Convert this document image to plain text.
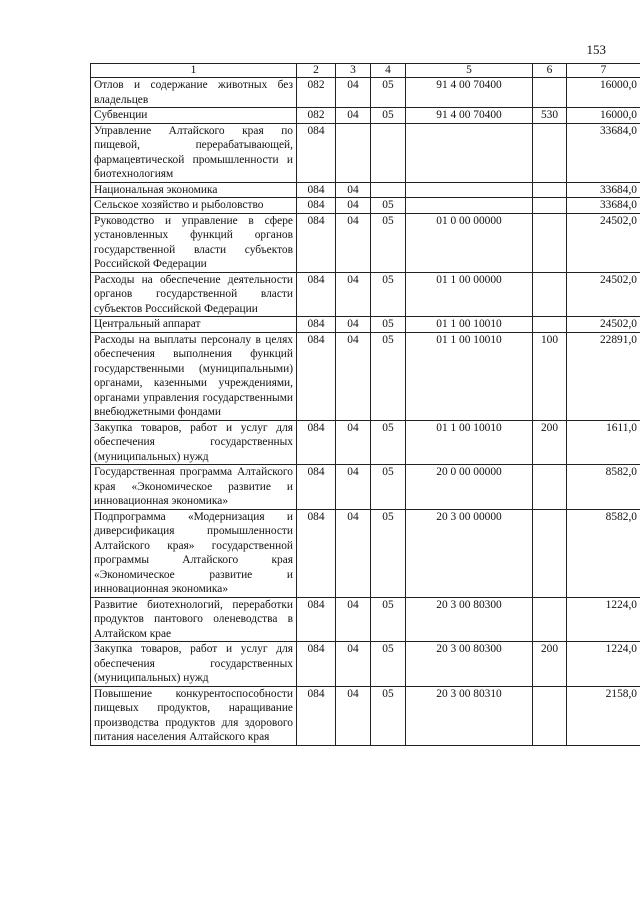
153
1	2	3	4	5	6	7
Отлов и содержание животных без владельцев	082	04	05	91 4 00 70400		16000,0
Субвенции	082	04	05	91 4 00 70400	530	16000,0
Управление Алтайского края по пищевой, перерабатывающей, фармацевтической промышленности и биотехнологиям	084					33684,0
Национальная экономика	084	04				33684,0
Сельское хозяйство и рыболовство	084	04	05			33684,0
Руководство и управление в сфере установленных функций органов государственной власти субъектов Российской Федерации	084	04	05	01 0 00 00000		24502,0
Расходы на обеспечение деятельности органов государственной власти субъектов Российской Федерации	084	04	05	01 1 00 00000		24502,0
Центральный аппарат	084	04	05	01 1 00 10010		24502,0
Расходы на выплаты персоналу в целях обеспечения выполнения функций государственными (муниципальными) органами, казенными учреждениями, органами управления государственными внебюджетными фондами	084	04	05	01 1 00 10010	100	22891,0
Закупка товаров, работ и услуг для обеспечения государственных (муниципальных) нужд	084	04	05	01 1 00 10010	200	1611,0
Государственная программа Алтайского края «Экономическое развитие и инновационная экономика»	084	04	05	20 0 00 00000		8582,0
Подпрограмма «Модернизация и диверсификация промышленности Алтайского края» государственной программы Алтайского края «Экономическое развитие и инновационная экономика»	084	04	05	20 3 00 00000		8582,0
Развитие биотехнологий, переработки продуктов пантового оленеводства в Алтайском крае	084	04	05	20 3 00 80300		1224,0
Закупка товаров, работ и услуг для обеспечения государственных (муниципальных) нужд	084	04	05	20 3 00 80300	200	1224,0
Повышение конкурентоспособности пищевых продуктов, наращивание производства продуктов для здорового питания населения Алтайского края	084	04	05	20 3 00 80310		2158,0
